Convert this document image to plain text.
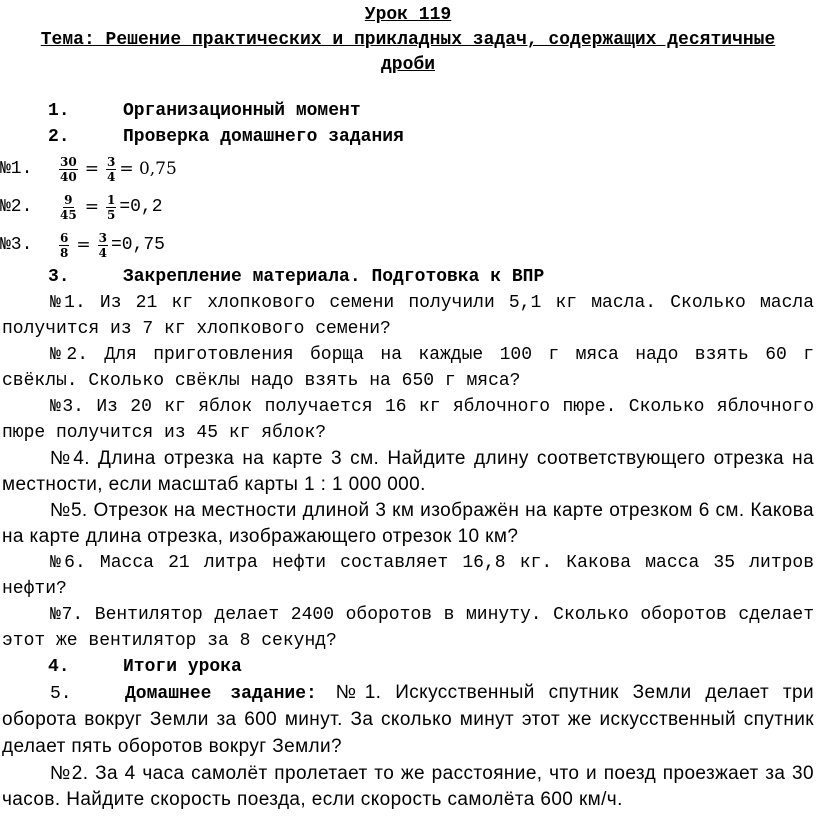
Урок 119
Тема: Решение практических и прикладных задач, содержащих десятичные дроби
1.	Организационный момент
2.	Проверка домашнего задания
№1.	$\frac{30}{40} = \frac{3}{4} = 0,75$
№2.	$\frac{9}{45} = \frac{1}{5} =0,2$
№3.	$\frac{6}{8} = \frac{3}{4} =0,75$
3.	Закрепление материала. Подготовка к ВПР

№1. Из 21 кг хлопкового семени получили 5,1 кг масла. Сколько масла получится из 7 кг хлопкового семени?

№2. Для приготовления борща на каждые 100 г мяса надо взять 60 г свёклы. Сколько свёклы надо взять на 650 г мяса?

№3. Из 20 кг яблок получается 16 кг яблочного пюре. Сколько яблочного пюре получится из 45 кг яблок?

№4. Длина отрезка на карте 3 см. Найдите длину соответствующего отрезка на местности, если масштаб карты 1 : 1 000 000.

№5. Отрезок на местности длиной 3 км изображён на карте отрезком 6 см. Какова на карте длина отрезка, изображающего отрезок 10 км?

№6. Масса 21 литра нефти составляет 16,8 кг. Какова масса 35 литров нефти?

№7. Вентилятор делает 2400 оборотов в минуту. Сколько оборотов сделает этот же вентилятор за 8 секунд?

4.	Итоги урока

5.	Домашнее задание: №1. Искусственный спутник Земли делает три оборота вокруг Земли за 600 минут. За сколько минут этот же искусственный спутник делает пять оборотов вокруг Земли?

№2. За 4 часа самолёт пролетает то же расстояние, что и поезд проезжает за 30 часов. Найдите скорость поезда, если скорость самолёта 600 км/ч.
